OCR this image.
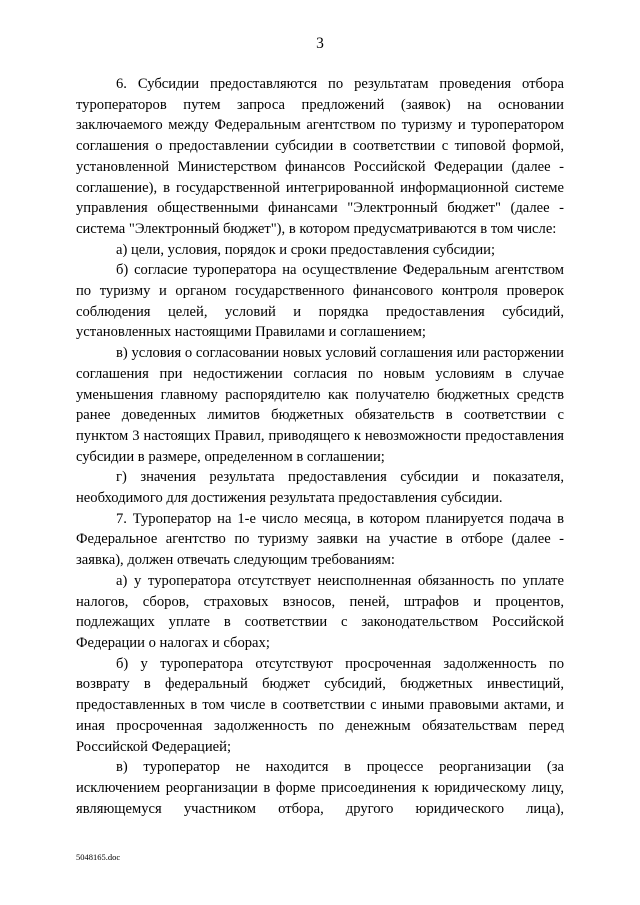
3

6. Субсидии предоставляются по результатам проведения отбора туроператоров путем запроса предложений (заявок) на основании заключаемого между Федеральным агентством по туризму и туроператором соглашения о предоставлении субсидии в соответствии с типовой формой, установленной Министерством финансов Российской Федерации (далее - соглашение), в государственной интегрированной информационной системе управления общественными финансами "Электронный бюджет" (далее - система "Электронный бюджет"), в котором предусматриваются в том числе:

а) цели, условия, порядок и сроки предоставления субсидии;

б) согласие туроператора на осуществление Федеральным агентством по туризму и органом государственного финансового контроля проверок соблюдения целей, условий и порядка предоставления субсидий, установленных настоящими Правилами и соглашением;

в) условия о согласовании новых условий соглашения или расторжении соглашения при недостижении согласия по новым условиям в случае уменьшения главному распорядителю как получателю бюджетных средств ранее доведенных лимитов бюджетных обязательств в соответствии с пунктом 3 настоящих Правил, приводящего к невозможности предоставления субсидии в размере, определенном в соглашении;

г) значения результата предоставления субсидии и показателя, необходимого для достижения результата предоставления субсидии.

7. Туроператор на 1-е число месяца, в котором планируется подача в Федеральное агентство по туризму заявки на участие в отборе (далее - заявка), должен отвечать следующим требованиям:

а) у туроператора отсутствует неисполненная обязанность по уплате налогов, сборов, страховых взносов, пеней, штрафов и процентов, подлежащих уплате в соответствии с законодательством Российской Федерации о налогах и сборах;

б) у туроператора отсутствуют просроченная задолженность по возврату в федеральный бюджет субсидий, бюджетных инвестиций, предоставленных в том числе в соответствии с иными правовыми актами, и иная просроченная задолженность по денежным обязательствам перед Российской Федерацией;

в) туроператор не находится в процессе реорганизации (за исключением реорганизации в форме присоединения к юридическому лицу, являющемуся участником отбора, другого юридического лица),

5048165.doc
